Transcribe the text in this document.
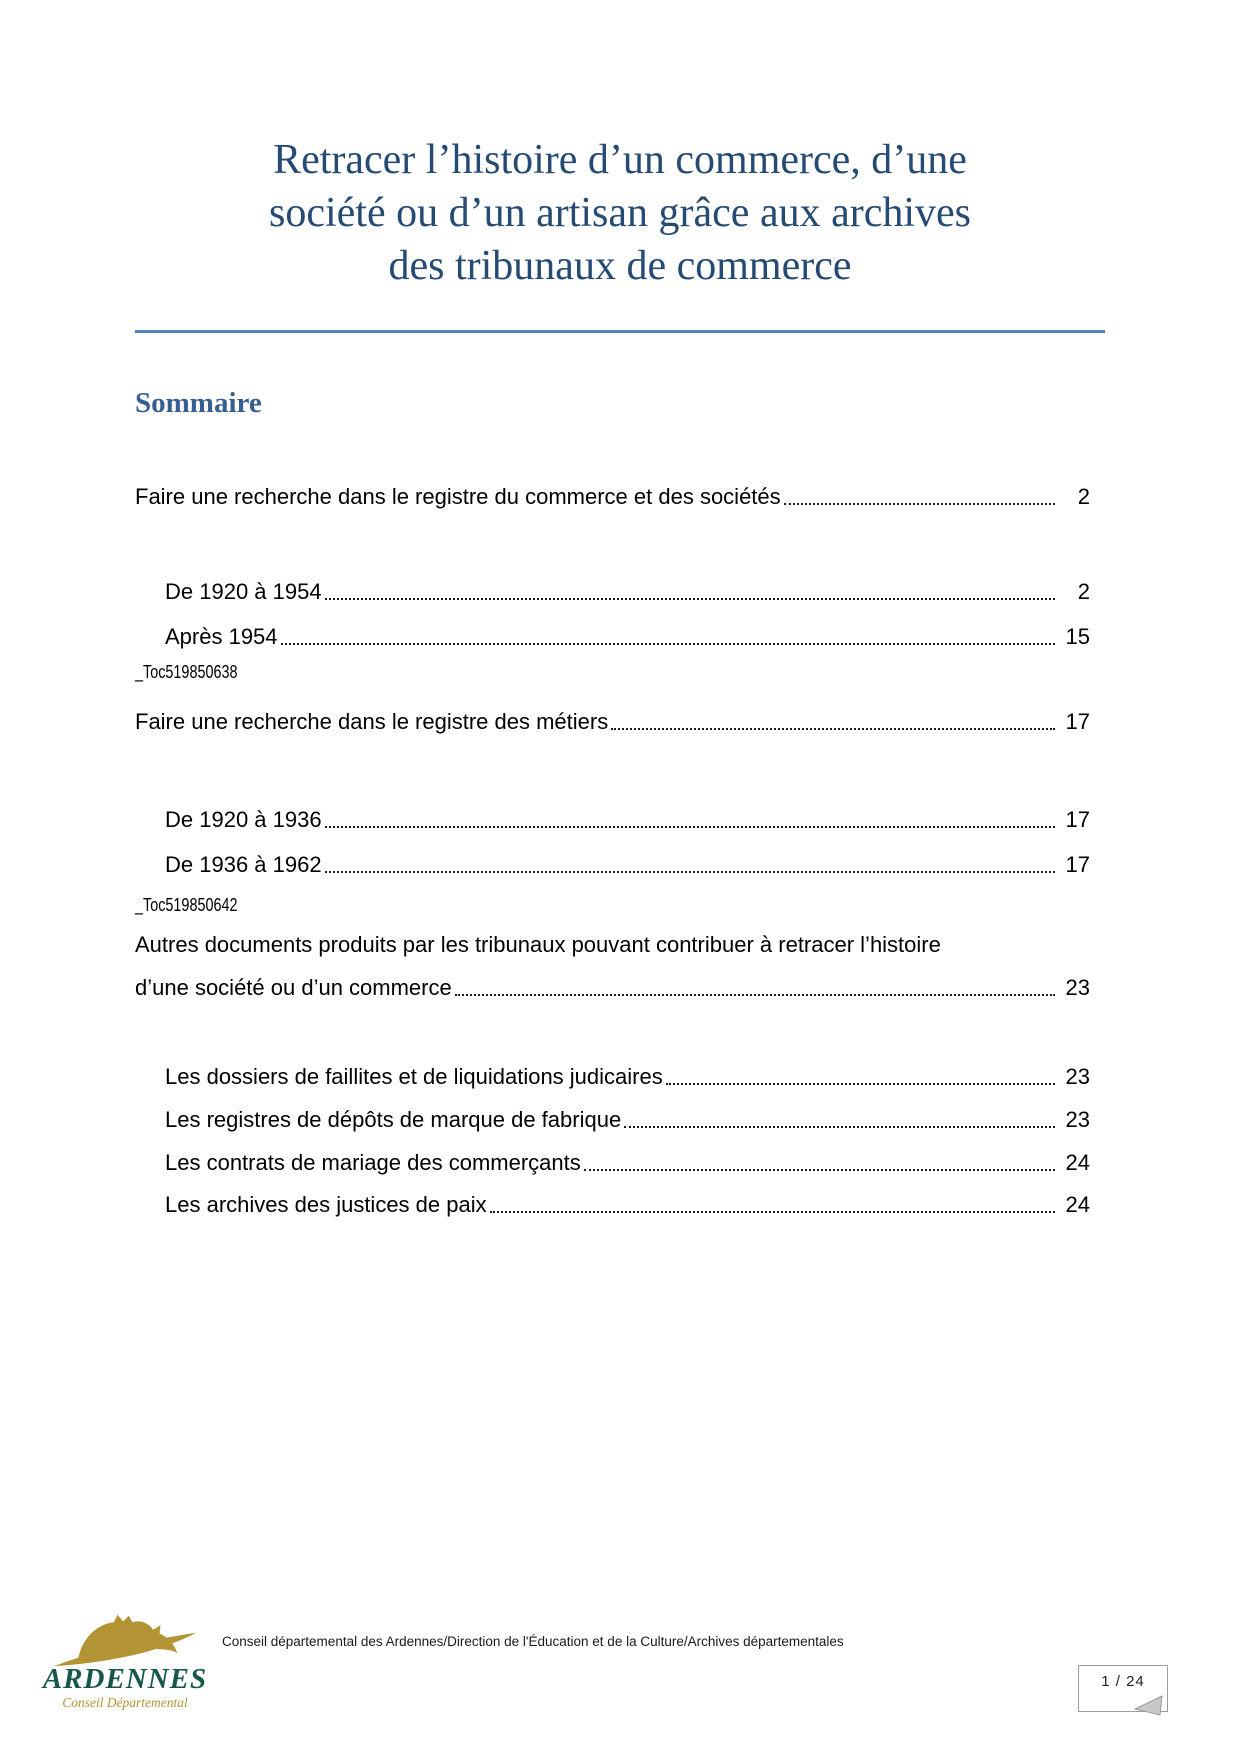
Retracer l’histoire d’un commerce, d’une
société ou d’un artisan grâce aux archives
des tribunaux de commerce
Sommaire
Faire une recherche dans le registre du commerce et des sociétés	2
De 1920 à 1954	2
Après 1954	15
_Toc519850638
Faire une recherche dans le registre des métiers	17
De 1920 à 1936	17
De 1936 à 1962	17
_Toc519850642
Autres documents produits par les tribunaux pouvant contribuer à retracer l’histoire
d’une société ou d’un commerce	23
Les dossiers de faillites et de liquidations judicaires	23
Les registres de dépôts de marque de fabrique	23
Les contrats de mariage des commerçants	24
Les archives des justices de paix	24
ARDENNES
Conseil Départemental
Conseil départemental des Ardennes/Direction de l'Éducation et de la Culture/Archives départementales
1 / 24
